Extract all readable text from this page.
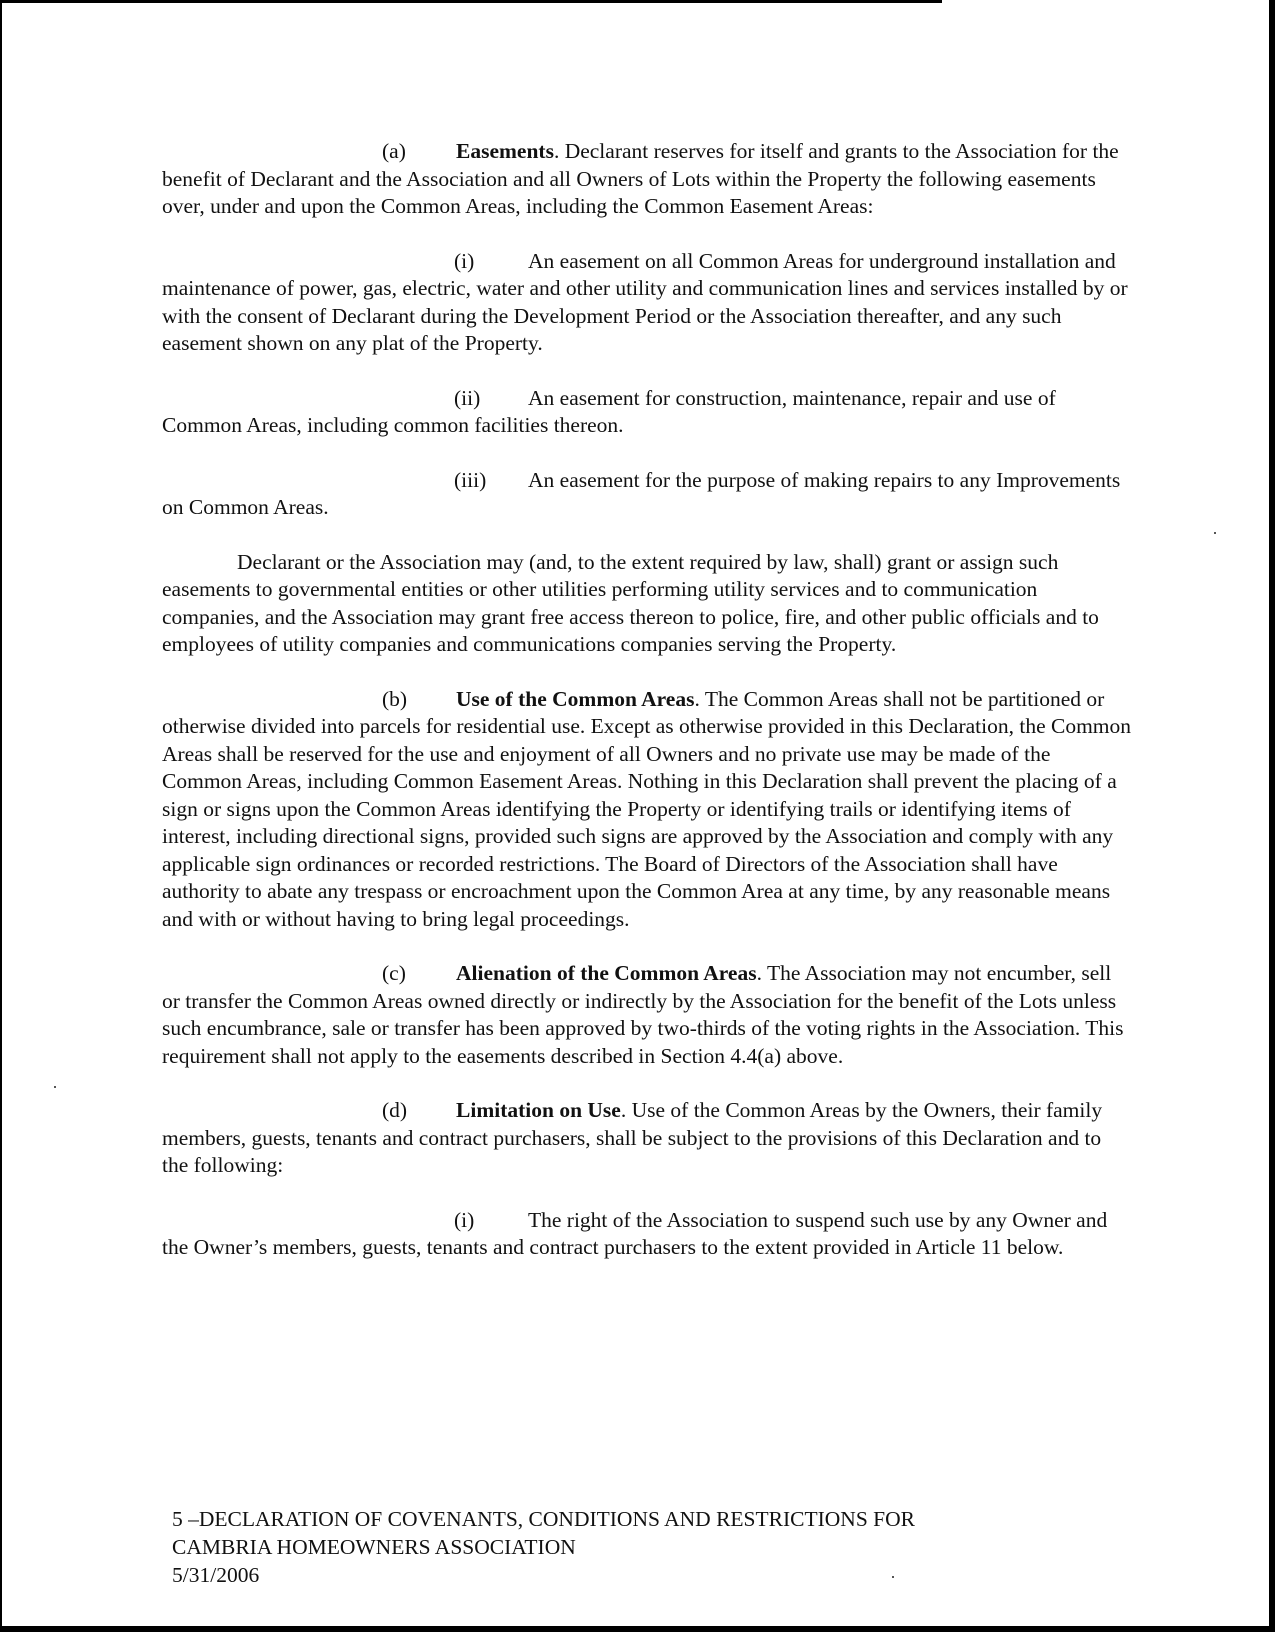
(a) Easements. Declarant reserves for itself and grants to the Association for the benefit of Declarant and the Association and all Owners of Lots within the Property the following easements over, under and upon the Common Areas, including the Common Easement Areas:

(i) An easement on all Common Areas for underground installation and maintenance of power, gas, electric, water and other utility and communication lines and services installed by or with the consent of Declarant during the Development Period or the Association thereafter, and any such easement shown on any plat of the Property.

(ii) An easement for construction, maintenance, repair and use of Common Areas, including common facilities thereon.

(iii) An easement for the purpose of making repairs to any Improvements on Common Areas.

Declarant or the Association may (and, to the extent required by law, shall) grant or assign such easements to governmental entities or other utilities performing utility services and to communication companies, and the Association may grant free access thereon to police, fire, and other public officials and to employees of utility companies and communications companies serving the Property.

(b) Use of the Common Areas. The Common Areas shall not be partitioned or otherwise divided into parcels for residential use. Except as otherwise provided in this Declaration, the Common Areas shall be reserved for the use and enjoyment of all Owners and no private use may be made of the Common Areas, including Common Easement Areas. Nothing in this Declaration shall prevent the placing of a sign or signs upon the Common Areas identifying the Property or identifying trails or identifying items of interest, including directional signs, provided such signs are approved by the Association and comply with any applicable sign ordinances or recorded restrictions. The Board of Directors of the Association shall have authority to abate any trespass or encroachment upon the Common Area at any time, by any reasonable means and with or without having to bring legal proceedings.

(c) Alienation of the Common Areas. The Association may not encumber, sell or transfer the Common Areas owned directly or indirectly by the Association for the benefit of the Lots unless such encumbrance, sale or transfer has been approved by two-thirds of the voting rights in the Association. This requirement shall not apply to the easements described in Section 4.4(a) above.

(d) Limitation on Use. Use of the Common Areas by the Owners, their family members, guests, tenants and contract purchasers, shall be subject to the provisions of this Declaration and to the following:

(i) The right of the Association to suspend such use by any Owner and the Owner’s members, guests, tenants and contract purchasers to the extent provided in Article 11 below.

5 –DECLARATION OF COVENANTS, CONDITIONS AND RESTRICTIONS FOR
CAMBRIA HOMEOWNERS ASSOCIATION
5/31/2006
